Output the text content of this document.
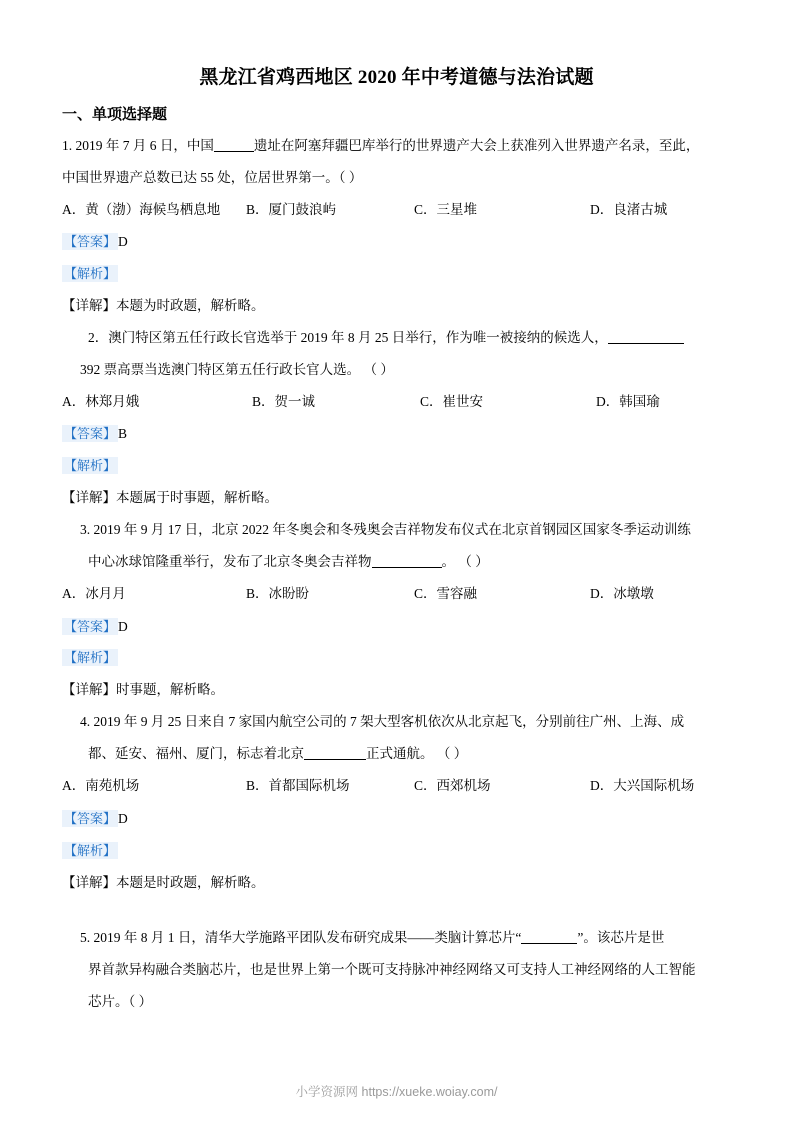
黑龙江省鸡西地区 2020 年中考道德与法治试题
一、单项选择题

1. 2019 年 7 月 6 日，中国	遗址在阿塞拜疆巴库举行的世界遗产大会上获准列入世界遗产名录，至此，

中国世界遗产总数已达 55 处，位居世界第一。（ ）

A．黄（渤）海候鸟栖息地	B．厦门鼓浪屿	C．三星堆	D．良渚古城

【答案】 D

【解析】

【详解】本题为时政题，解析略。

2．澳门特区第五任行政长官选举于 2019 年 8 月 25 日举行，作为唯一被接纳的候选人，

392 票高票当选澳门特区第五任行政长官人选。 （ ）

A．林郑月娥	B．贺一诚	C．崔世安	D．韩国瑜

【答案】 B

【解析】

【详解】本题属于时事题，解析略。

3. 2019 年 9 月 17 日，北京 2022 年冬奥会和冬残奥会吉祥物发布仪式在北京首钢园区国家冬季运动训练

中心冰球馆隆重举行，发布了北京冬奥会吉祥物	。 （ ）

A．冰月月	B．冰盼盼	C．雪容融	D．冰墩墩

【答案】 D

【解析】

【详解】时事题，解析略。

4. 2019 年 9 月 25 日来自 7 家国内航空公司的 7 架大型客机依次从北京起飞，分别前往广州、上海、成

都、延安、福州、厦门，标志着北京	正式通航。 （ ）

A．南苑机场	B．首都国际机场	C．西郊机场	D．大兴国际机场

【答案】 D

【解析】

【详解】本题是时政题，解析略。

5. 2019 年 8 月 1 日，清华大学施路平团队发布研究成果——类脑计算芯片“	”。该芯片是世

界首款异构融合类脑芯片，也是世界上第一个既可支持脉冲神经网络又可支持人工神经网络的人工智能

芯片。（ ）

小学资源网 https://xueke.woiay.com/
